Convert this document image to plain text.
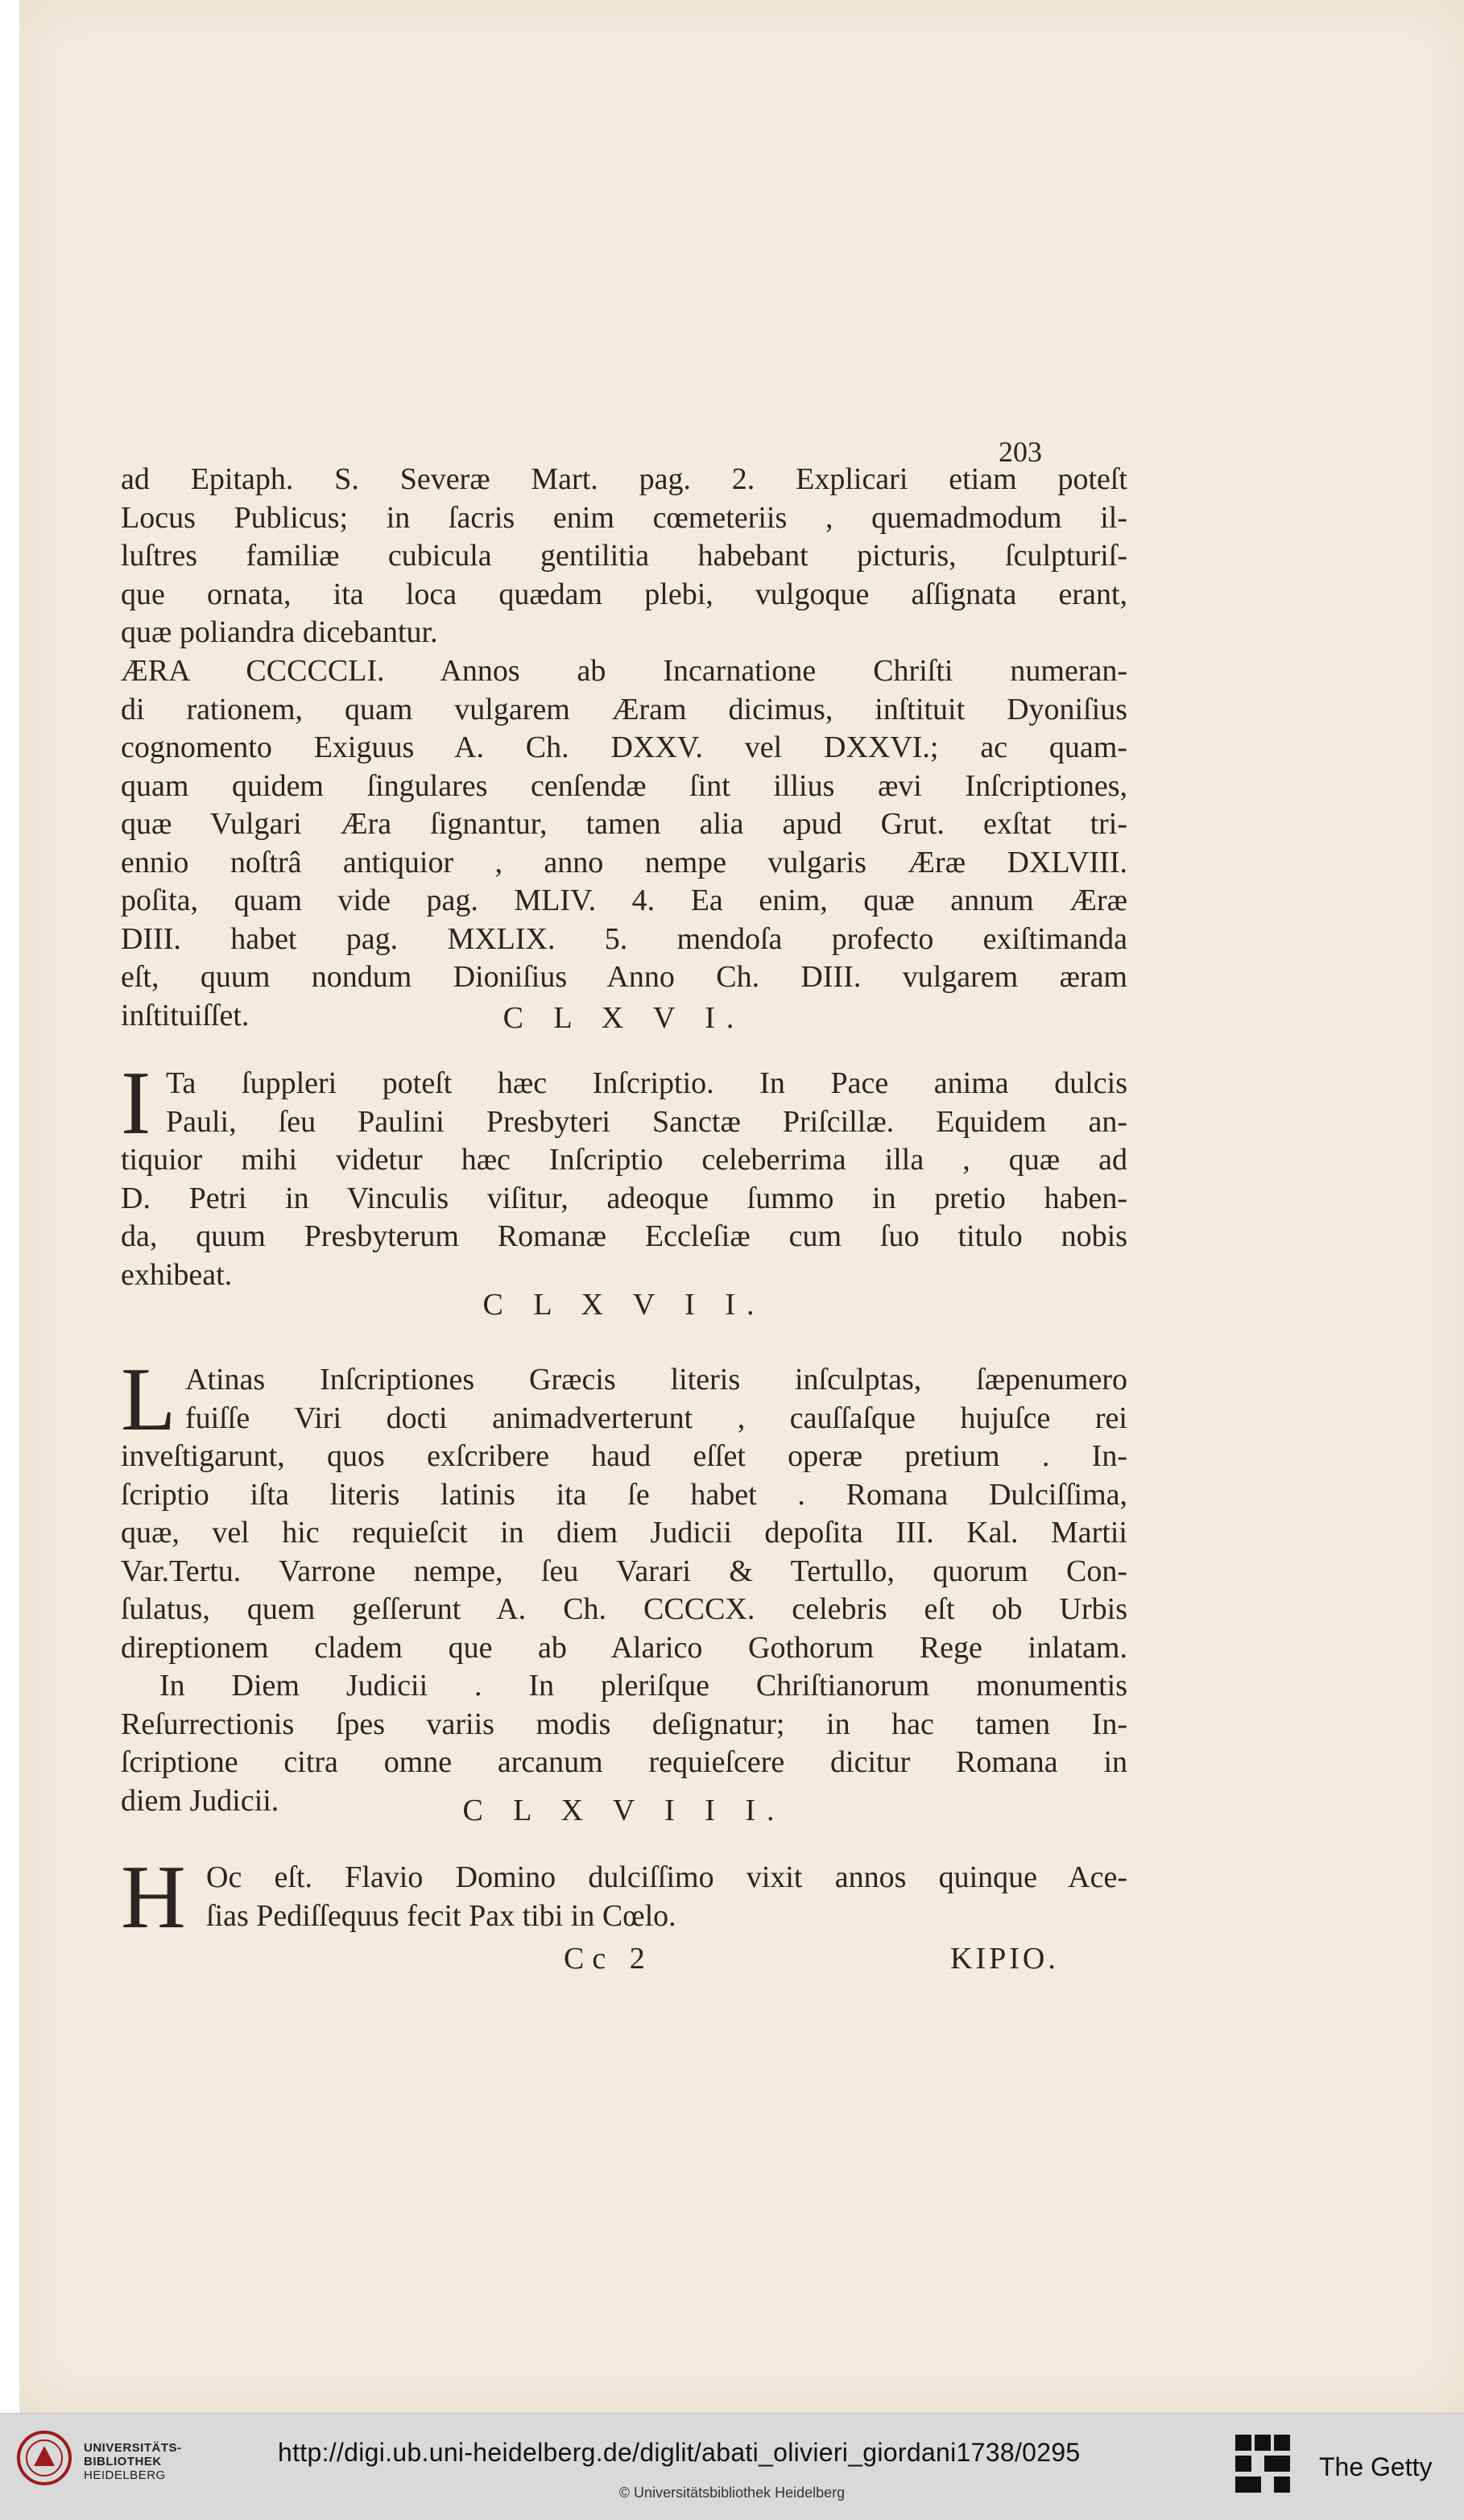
203
ad Epitaph. S. Severæ Mart. pag. 2. Explicari etiam poteſt
Locus Publicus; in ſacris enim cœmeteriis , quemadmodum il-
luſtres familiæ cubicula gentilitia habebant picturis, ſculpturiſ-
que ornata, ita loca quædam plebi, vulgoque aſſignata erant,
quæ poliandra dicebantur.
ÆRA CCCCCLI. Annos ab Incarnatione Chriſti numeran-
di rationem, quam vulgarem Æram dicimus, inſtituit Dyoniſius
cognomento Exiguus A. Ch. DXXV. vel DXXVI.; ac quam-
quam quidem ſingulares cenſendæ ſint illius ævi Inſcriptiones,
quæ Vulgari Æra ſignantur, tamen alia apud Grut. exſtat tri-
ennio noſtrâ antiquior , anno nempe vulgaris Æræ DXLVIII.
poſita, quam vide pag. MLIV. 4. Ea enim, quæ annum Æræ
DIII. habet pag. MXLIX. 5. mendoſa profecto exiſtimanda
eſt, quum nondum Dioniſius Anno Ch. DIII. vulgarem æram
inſtituiſſet.	C L X V I.
I Ta ſuppleri poteſt hæc Inſcriptio. In Pace anima dulcis
Pauli, ſeu Paulini Presbyteri Sanctæ Priſcillæ. Equidem an-
tiquior mihi videtur hæc Inſcriptio celeberrima illa , quæ ad
D. Petri in Vinculis viſitur, adeoque ſummo in pretio haben-
da, quum Presbyterum Romanæ Eccleſiæ cum ſuo titulo nobis
exhibeat.
C L X V I I.
L Atinas Inſcriptiones Græcis literis inſculptas, ſæpenumero
fuiſſe Viri docti animadverterunt , cauſſaſque hujuſce rei
inveſtigarunt, quos exſcribere haud eſſet operæ pretium . In-
ſcriptio iſta literis latinis ita ſe habet . Romana Dulciſſima,
quæ, vel hic requieſcit in diem Judicii depoſita III. Kal. Martii
Var.Tertu. Varrone nempe, ſeu Varari & Tertullo, quorum Con-
ſulatus, quem geſſerunt A. Ch. CCCCX. celebris eſt ob Urbis
direptionem cladem que ab Alarico Gothorum Rege inlatam.
In Diem Judicii . In pleriſque Chriſtianorum monumentis
Reſurrectionis ſpes variis modis deſignatur; in hac tamen In-
ſcriptione citra omne arcanum requieſcere dicitur Romana in
diem Judicii.	C L X V I I I.
H Oc eſt. Flavio Domino dulciſſimo vixit annos quinque Ace-
ſias Pediſſequus fecit Pax tibi in Cœlo.
Cc 2	KIPIO.
UNIVERSITÄTS-
BIBLIOTHEK
HEIDELBERG
http://digi.ub.uni-heidelberg.de/diglit/abati_olivieri_giordani1738/0295
© Universitätsbibliothek Heidelberg
The Getty
